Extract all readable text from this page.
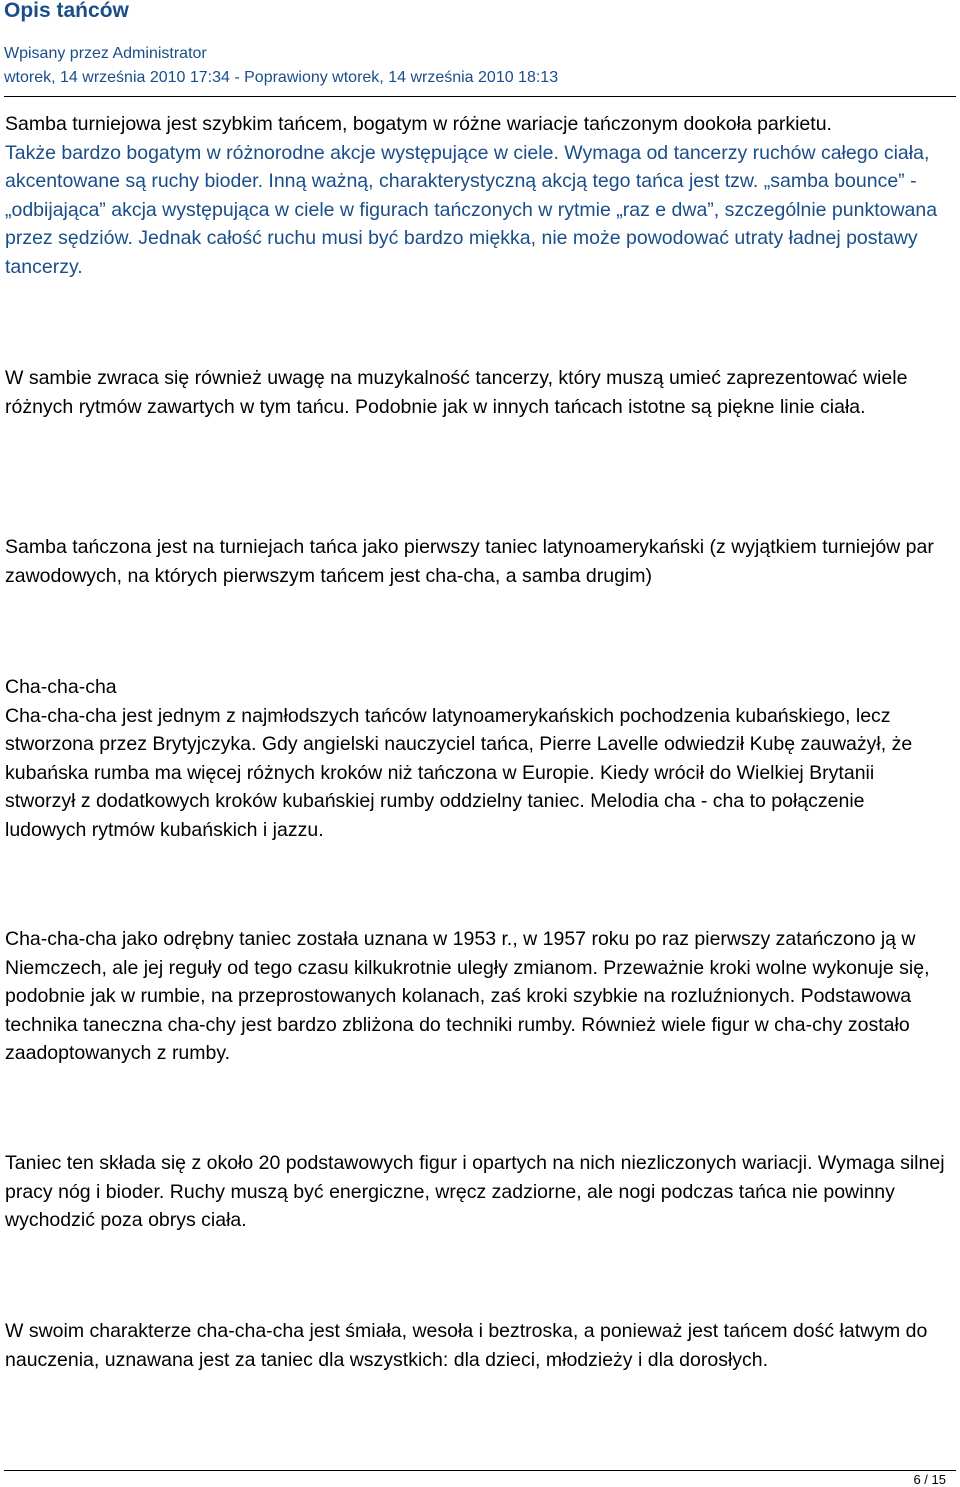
Opis tańców
Wpisany przez Administrator
wtorek, 14 września 2010 17:34 - Poprawiony wtorek, 14 września 2010 18:13

Samba turniejowa jest szybkim tańcem, bogatym w różne wariacje tańczonym dookoła parkietu.
Także bardzo bogatym w różnorodne akcje występujące w ciele. Wymaga od tancerzy ruchów całego ciała, akcentowane są ruchy bioder. Inną ważną, charakterystyczną akcją tego tańca jest tzw. „samba bounce” - „odbijająca” akcja występująca w ciele w figurach tańczonych w rytmie „raz e dwa”, szczególnie punktowana przez sędziów. Jednak całość ruchu musi być bardzo miękka, nie może powodować utraty ładnej postawy tancerzy.

W sambie zwraca się również uwagę na muzykalność tancerzy, który muszą umieć zaprezentować wiele różnych rytmów zawartych w tym tańcu. Podobnie jak w innych tańcach istotne są piękne linie ciała.

Samba tańczona jest na turniejach tańca jako pierwszy taniec latynoamerykański (z wyjątkiem turniejów par zawodowych, na których pierwszym tańcem jest cha-cha, a samba drugim)

Cha-cha-cha
Cha-cha-cha jest jednym z najmłodszych tańców latynoamerykańskich pochodzenia kubańskiego, lecz stworzona przez Brytyjczyka. Gdy angielski nauczyciel tańca, Pierre Lavelle odwiedził Kubę zauważył, że kubańska rumba ma więcej różnych kroków niż tańczona w Europie. Kiedy wrócił do Wielkiej Brytanii stworzył z dodatkowych kroków kubańskiej rumby oddzielny taniec. Melodia cha - cha to połączenie ludowych rytmów kubańskich i jazzu.

Cha-cha-cha jako odrębny taniec została uznana w 1953 r., w 1957 roku po raz pierwszy zatańczono ją w Niemczech, ale jej reguły od tego czasu kilkukrotnie uległy zmianom. Przeważnie kroki wolne wykonuje się, podobnie jak w rumbie, na przeprostowanych kolanach, zaś kroki szybkie na rozluźnionych. Podstawowa technika taneczna cha-chy jest bardzo zbliżona do techniki rumby. Również wiele figur w cha-chy zostało zaadoptowanych z rumby.

Taniec ten składa się z około 20 podstawowych figur i opartych na nich niezliczonych wariacji. Wymaga silnej pracy nóg i bioder. Ruchy muszą być energiczne, wręcz zadziorne, ale nogi podczas tańca nie powinny wychodzić poza obrys ciała.

W swoim charakterze cha-cha-cha jest śmiała, wesoła i beztroska, a ponieważ jest tańcem dość łatwym do nauczenia, uznawana jest za taniec dla wszystkich: dla dzieci, młodzieży i dla dorosłych.

6 / 15
